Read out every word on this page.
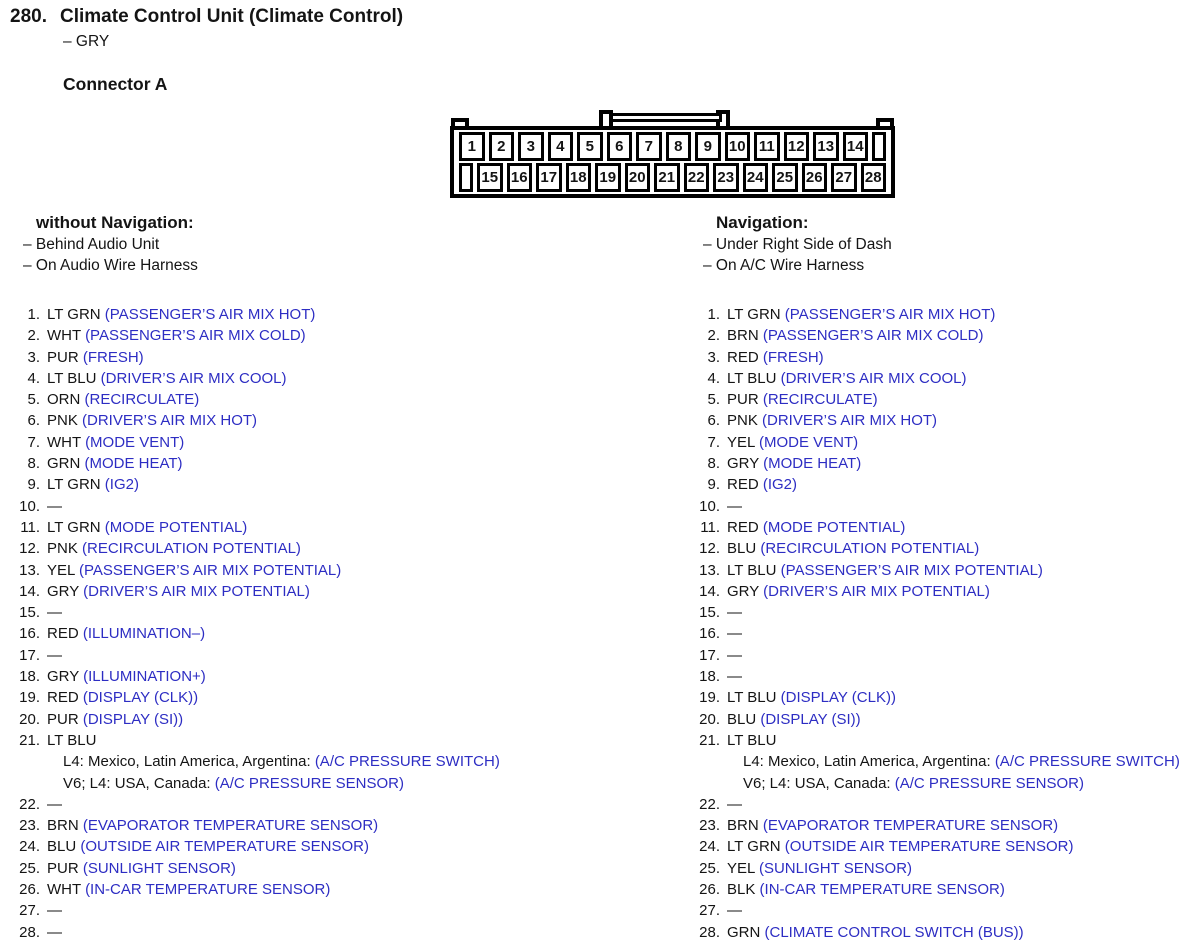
280. Climate Control Unit (Climate Control)
– GRY
Connector A
1	2	3	4	5	6	7	8	9	10 11 12 13 14
15 16 17 18 19 20 21 22 23 24 25 26 27 28
without Navigation:
– Behind Audio Unit
– On Audio Wire Harness
1. LT GRN (PASSENGER’S AIR MIX HOT)
2. WHT (PASSENGER’S AIR MIX COLD)
3. PUR (FRESH)
4. LT BLU (DRIVER’S AIR MIX COOL)
5. ORN (RECIRCULATE)
6. PNK (DRIVER’S AIR MIX HOT)
7. WHT (MODE VENT)
8. GRN (MODE HEAT)
9. LT GRN (IG2)
10. —
11. LT GRN (MODE POTENTIAL)
12. PNK (RECIRCULATION POTENTIAL)
13. YEL (PASSENGER’S AIR MIX POTENTIAL)
14. GRY (DRIVER’S AIR MIX POTENTIAL)
15. —
16. RED (ILLUMINATION–)
17. —
18. GRY (ILLUMINATION+)
19. RED (DISPLAY (CLK))
20. PUR (DISPLAY (SI))
21. LT BLU
L4: Mexico, Latin America, Argentina: (A/C PRESSURE SWITCH)
V6; L4: USA, Canada: (A/C PRESSURE SENSOR)
22. —
23. BRN (EVAPORATOR TEMPERATURE SENSOR)
24. BLU (OUTSIDE AIR TEMPERATURE SENSOR)
25. PUR (SUNLIGHT SENSOR)
26. WHT (IN-CAR TEMPERATURE SENSOR)
27. —
28. —
Navigation:
– Under Right Side of Dash
– On A/C Wire Harness
1. LT GRN (PASSENGER’S AIR MIX HOT)
2. BRN (PASSENGER’S AIR MIX COLD)
3. RED (FRESH)
4. LT BLU (DRIVER’S AIR MIX COOL)
5. PUR (RECIRCULATE)
6. PNK (DRIVER’S AIR MIX HOT)
7. YEL (MODE VENT)
8. GRY (MODE HEAT)
9. RED (IG2)
10. —
11. RED (MODE POTENTIAL)
12. BLU (RECIRCULATION POTENTIAL)
13. LT BLU (PASSENGER’S AIR MIX POTENTIAL)
14. GRY (DRIVER’S AIR MIX POTENTIAL)
15. —
16. —
17. —
18. —
19. LT BLU (DISPLAY (CLK))
20. BLU (DISPLAY (SI))
21. LT BLU
L4: Mexico, Latin America, Argentina: (A/C PRESSURE SWITCH)
V6; L4: USA, Canada: (A/C PRESSURE SENSOR)
22. —
23. BRN (EVAPORATOR TEMPERATURE SENSOR)
24. LT GRN (OUTSIDE AIR TEMPERATURE SENSOR)
25. YEL (SUNLIGHT SENSOR)
26. BLK (IN-CAR TEMPERATURE SENSOR)
27. —
28. GRN (CLIMATE CONTROL SWITCH (BUS))
